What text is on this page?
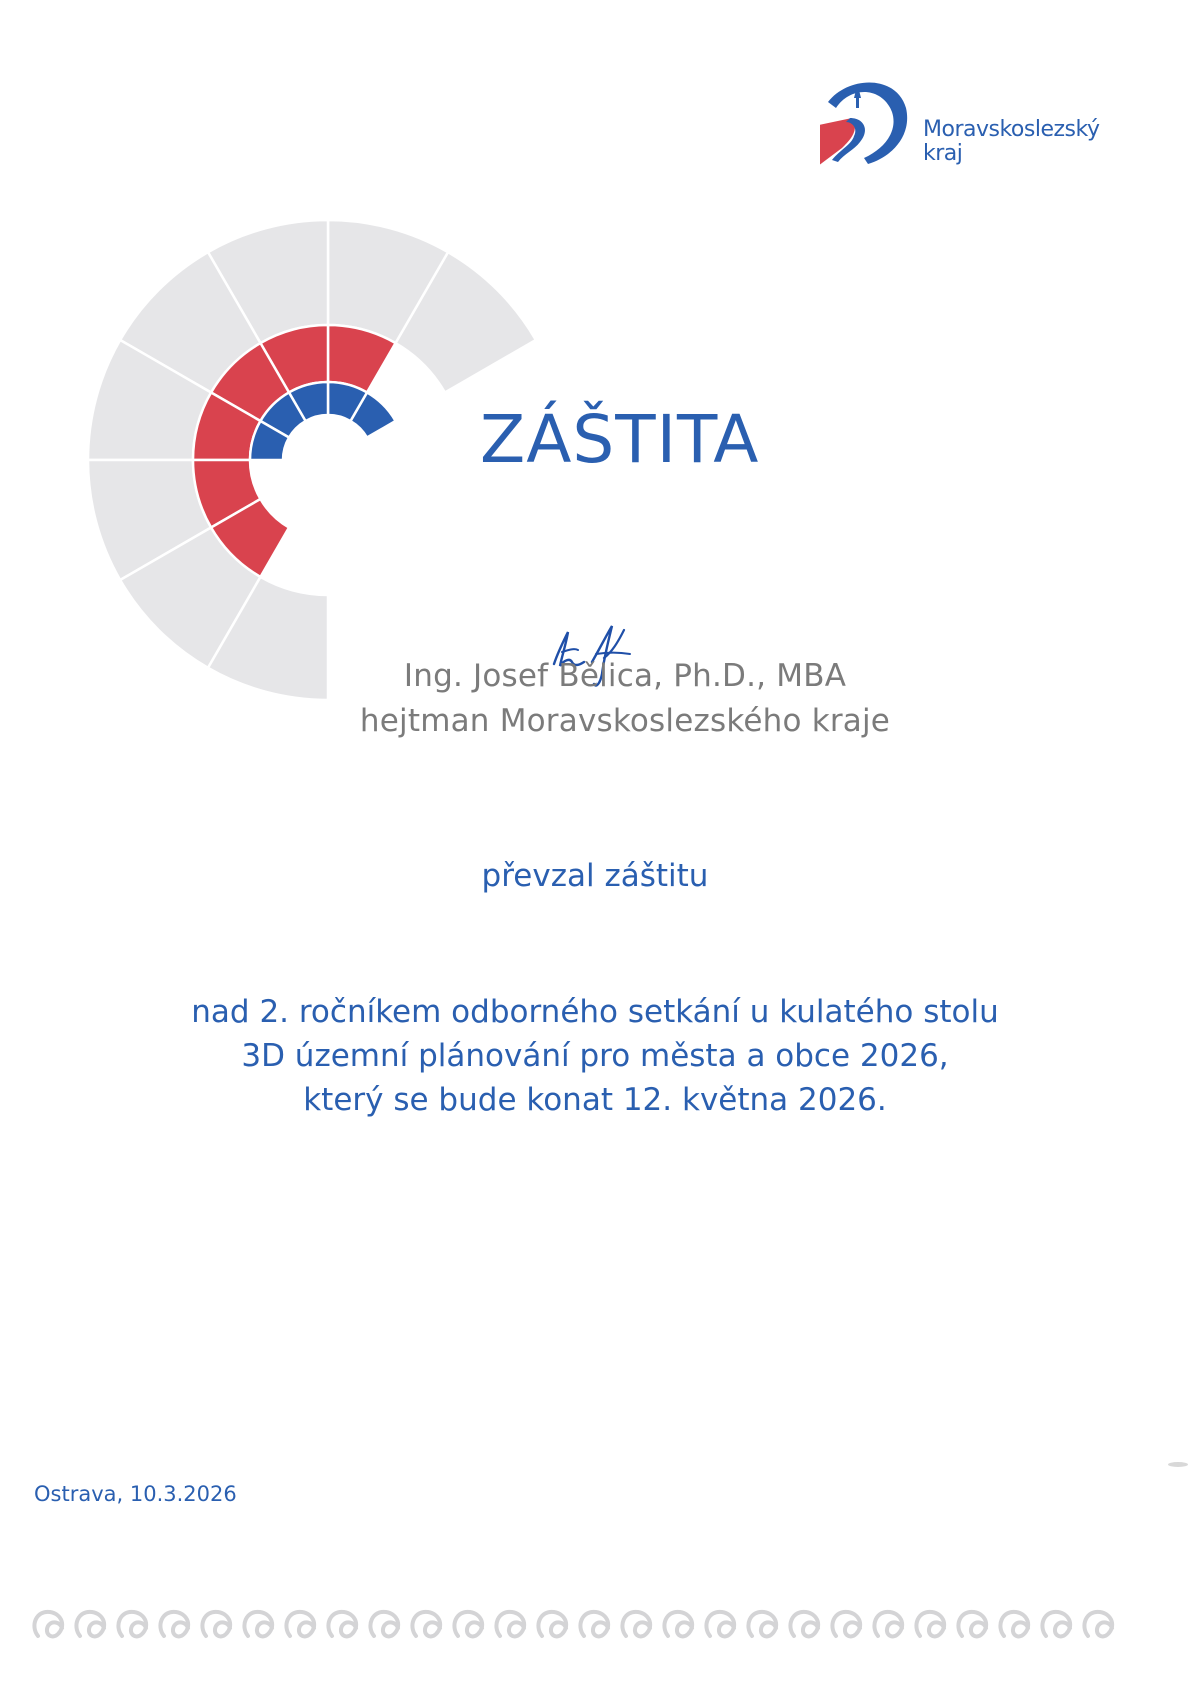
Moravskoslezský
kraj
ZÁŠTITA
Ing. Josef Bělica, Ph.D., MBA
hejtman Moravskoslezského kraje
převzal záštitu
nad 2. ročníkem odborného setkání u kulatého stolu
3D územní plánování pro města a obce 2026,
který se bude konat 12. května 2026.
Ostrava, 10.3.2026
